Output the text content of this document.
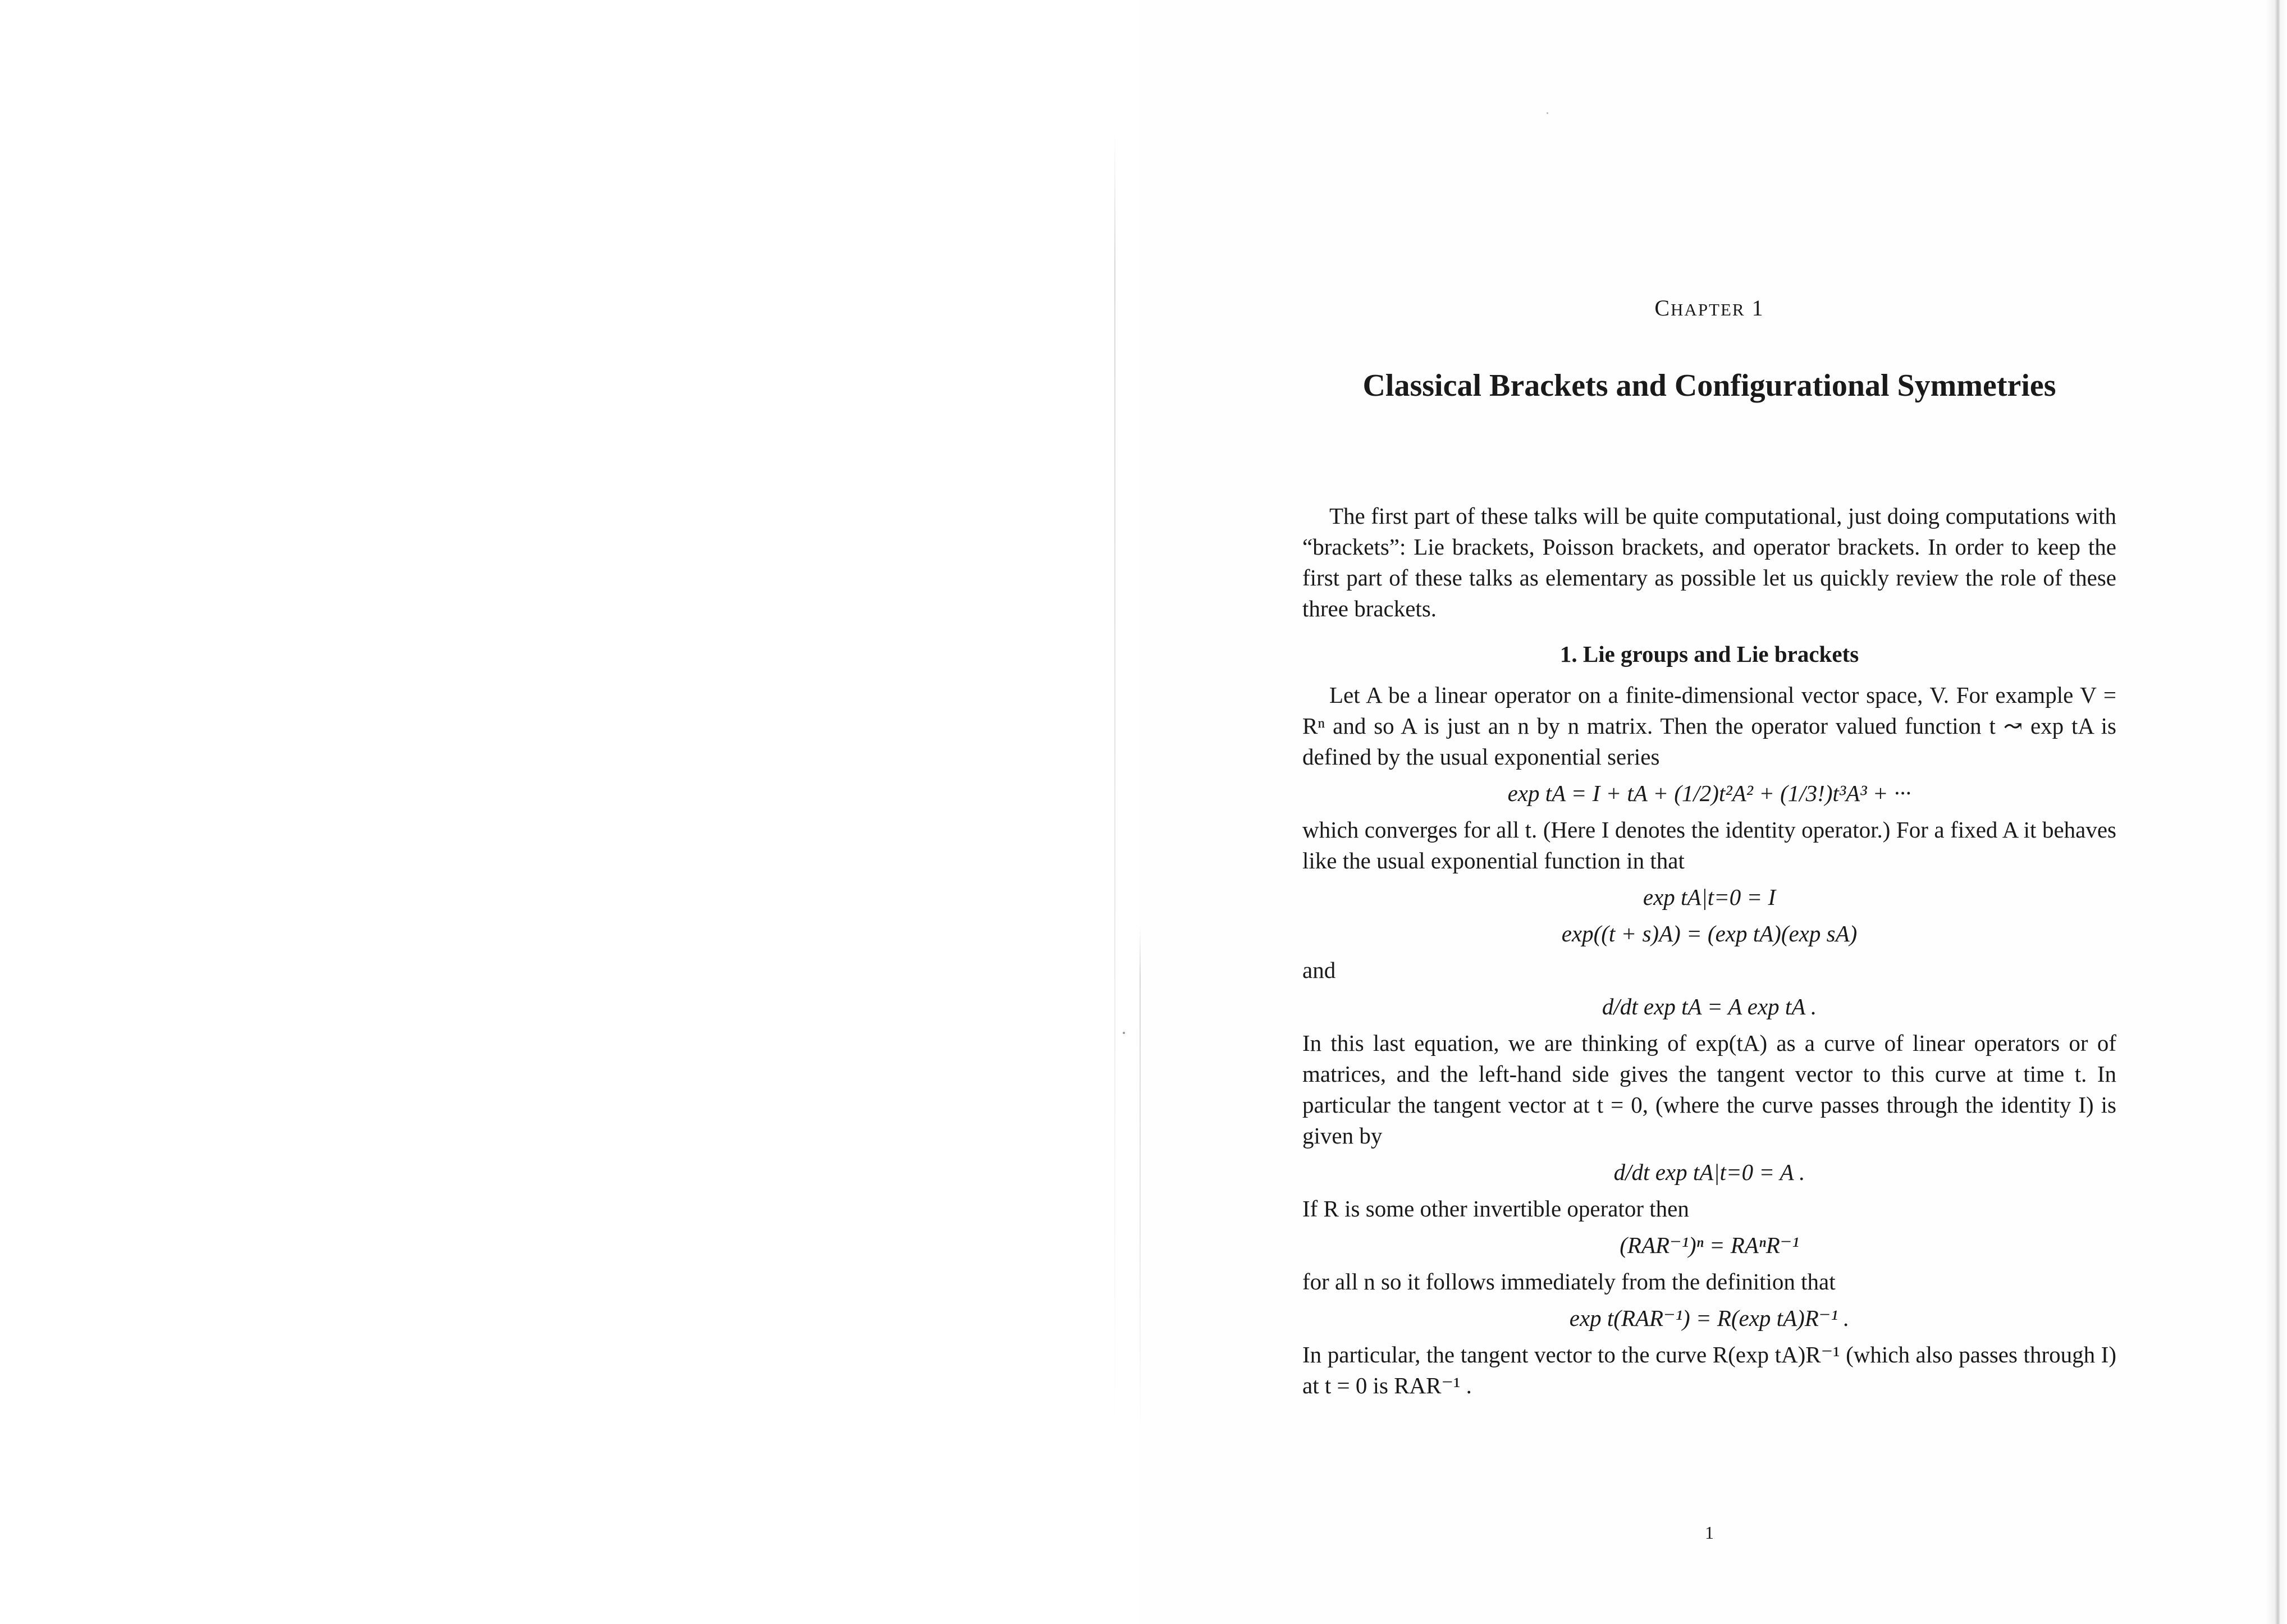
CHAPTER 1
Classical Brackets and Configurational Symmetries

The first part of these talks will be quite computational, just doing computations with “brackets”: Lie brackets, Poisson brackets, and operator brackets. In order to keep the first part of these talks as elementary as possible let us quickly review the role of these three brackets.

1. Lie groups and Lie brackets

Let A be a linear operator on a finite-dimensional vector space, V. For example V = Rⁿ and so A is just an n by n matrix. Then the operator valued function t ↝ exp tA is defined by the usual exponential series

exp tA = I + tA + (1/2)t²A² + (1/3!)t³A³ + ···

which converges for all t. (Here I denotes the identity operator.) For a fixed A it behaves like the usual exponential function in that

exp tA|t=0 = I
exp((t + s)A) = (exp tA)(exp sA)

and

d/dt exp tA = A exp tA .

In this last equation, we are thinking of exp(tA) as a curve of linear operators or of matrices, and the left-hand side gives the tangent vector to this curve at time t. In particular the tangent vector at t = 0, (where the curve passes through the identity I) is given by

d/dt exp tA|t=0 = A .

If R is some other invertible operator then

(RAR⁻¹)ⁿ = RAⁿR⁻¹

for all n so it follows immediately from the definition that

exp t(RAR⁻¹) = R(exp tA)R⁻¹ .

In particular, the tangent vector to the curve R(exp tA)R⁻¹ (which also passes through I) at t = 0 is RAR⁻¹ .

1
